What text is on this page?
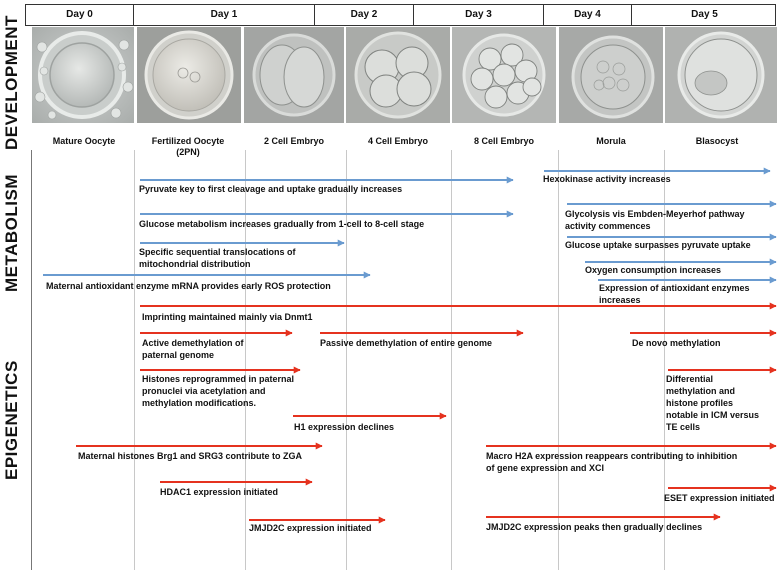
Day 0	Day 1	Day 2	Day 3	Day 4	Day 5
DEVELOPMENT
METABOLISM
EPIGENETICS
Mature Oocyte	Fertilized Oocyte
(2PN)
2 Cell Embryo	4 Cell Embryo	8 Cell Embryo	Morula	Blasocyst
Pyruvate key to first cleavage and uptake gradually increases
Hexokinase activity increases
Glucose metabolism increases gradually from 1-cell to 8-cell stage
Glycolysis vis Embden-Meyerhof pathway
activity commences
Specific sequential translocations of
mitochondrial distribution
Glucose uptake surpasses pyruvate uptake
Oxygen consumption increases
Maternal antioxidant enzyme mRNA provides early ROS protection	Expression of antioxidant enzymes
increases
Imprinting maintained mainly via Dnmt1
Active demethylation of
paternal genome
Passive demethylation of entire genome	De novo methylation
Histones reprogrammed in paternal
pronuclei via acetylation and
methylation modifications.
Differential
methylation and
histone profiles
notable in ICM versus
TE cells
H1 expression declines
Maternal histones Brg1 and SRG3 contribute to ZGA	Macro H2A expression reappears contributing to inhibition
of gene expression and XCI
HDAC1 expression initiated
ESET expression initiated
JMJD2C expression initiated	JMJD2C expression peaks then gradually declines
